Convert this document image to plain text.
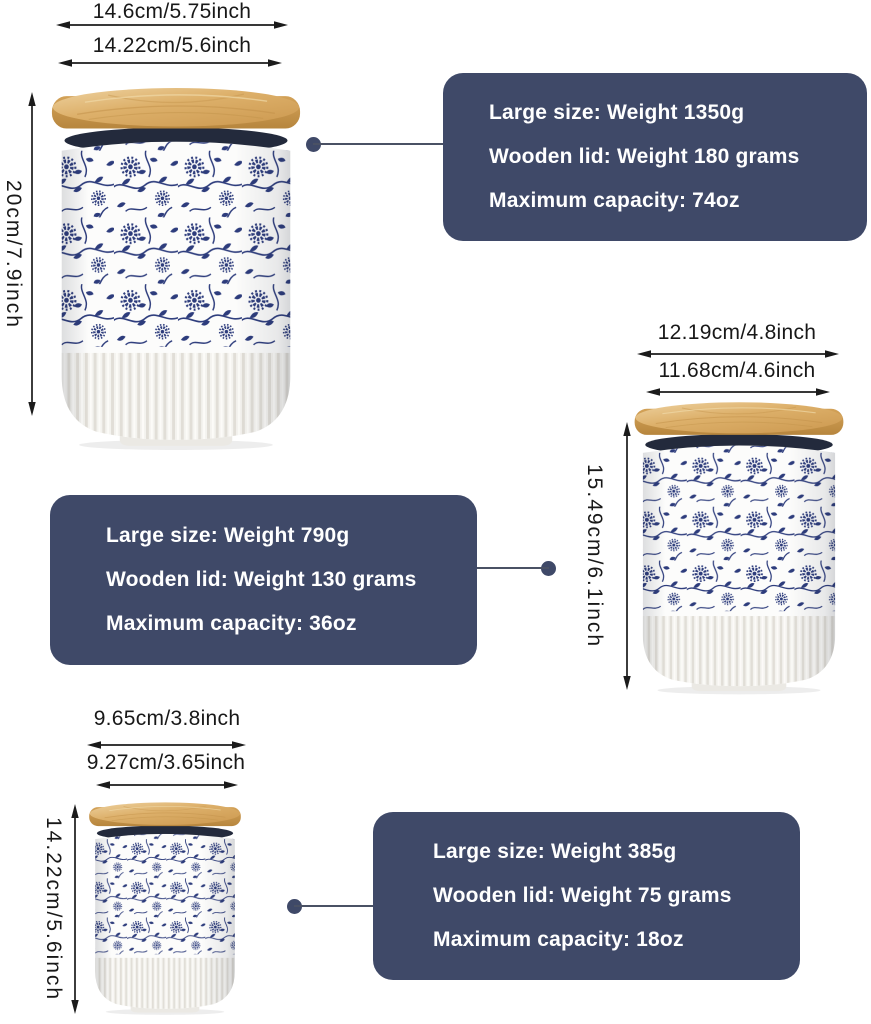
14.6cm/5.75inch
14.22cm/5.6inch
20cm/7.9inch
Large size: Weight 1350g
Wooden lid: Weight 180 grams
Maximum capacity: 74oz
12.19cm/4.8inch
11.68cm/4.6inch
15.49cm/6.1inch
Large size: Weight 790g
Wooden lid: Weight 130 grams
Maximum capacity: 36oz
9.65cm/3.8inch
9.27cm/3.65inch
14.22cm/5.6inch	Large size: Weight 385g
Wooden lid: Weight 75 grams
Maximum capacity: 18oz
